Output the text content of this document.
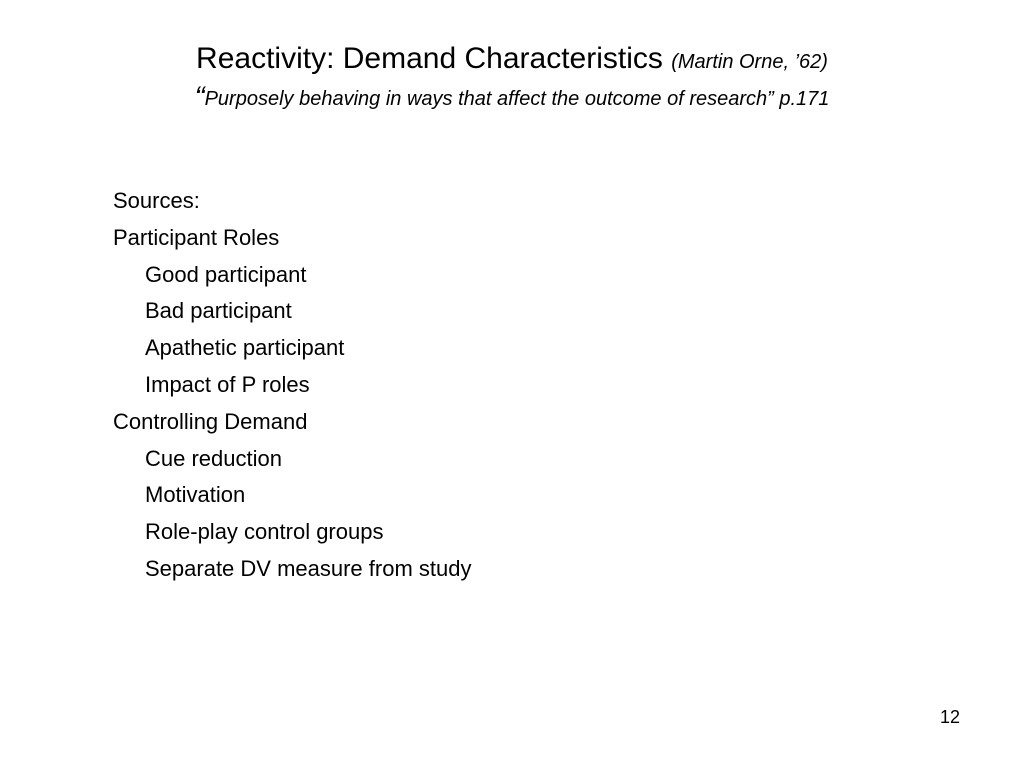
Reactivity: Demand Characteristics (Martin Orne, ’62)
“Purposely behaving in ways that affect the outcome of research” p.171
Sources:
Participant Roles
Good participant
Bad participant
Apathetic participant
Impact of P roles
Controlling Demand
Cue reduction
Motivation
Role-play control groups
Separate DV measure from study
12
